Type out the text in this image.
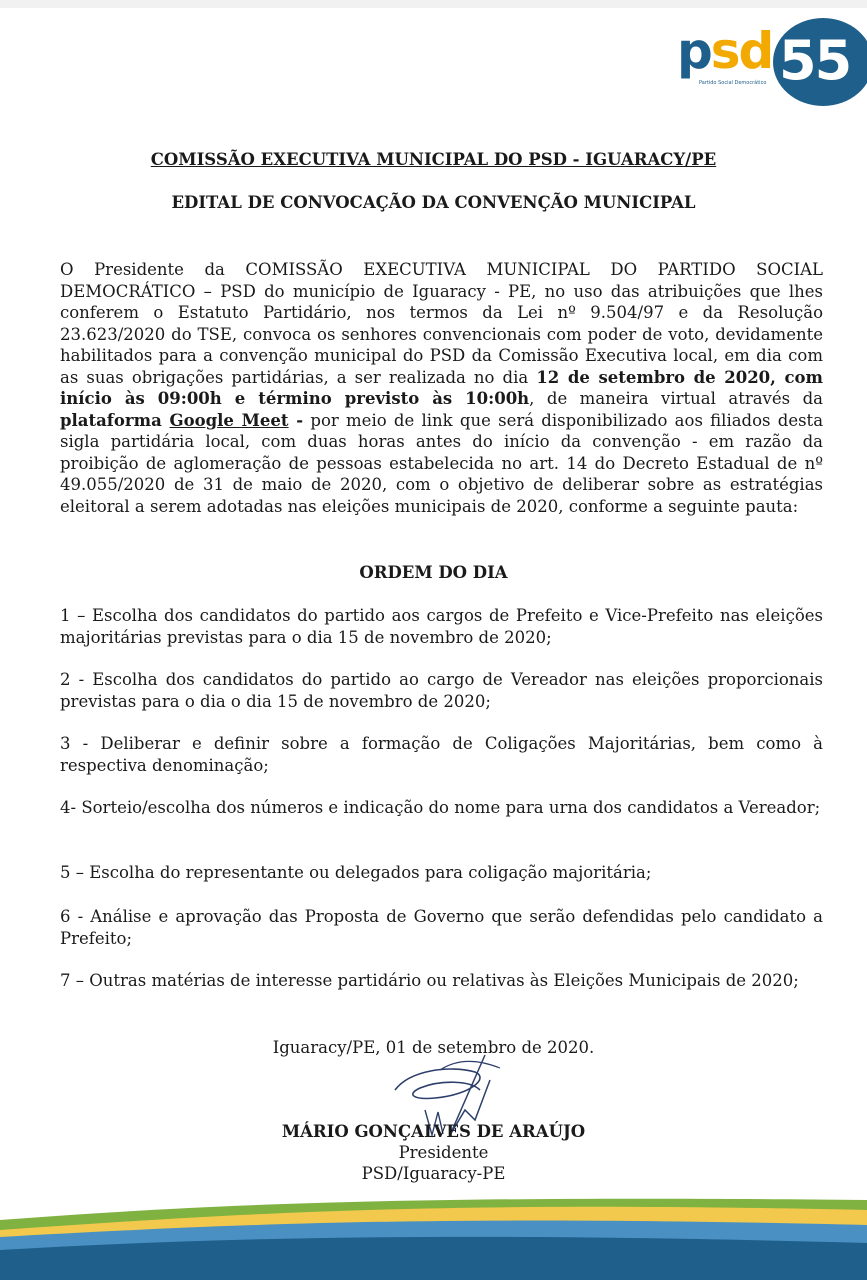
55
psd
Partido Social Democrático
COMISSÃO EXECUTIVA MUNICIPAL DO PSD - IGUARACY/PE
EDITAL DE CONVOCAÇÃO DA CONVENÇÃO MUNICIPAL
O Presidente da COMISSÃO EXECUTIVA MUNICIPAL DO PARTIDO SOCIAL DEMOCRÁTICO – PSD do município de Iguaracy - PE, no uso das atribuições que lhes conferem o Estatuto Partidário, nos termos da Lei nº 9.504/97 e da Resolução 23.623/2020 do TSE, convoca os senhores convencionais com poder de voto, devidamente habilitados para a convenção municipal do PSD da Comissão Executiva local, em dia com as suas obrigações partidárias, a ser realizada no dia 12 de setembro de 2020, com início às 09:00h e término previsto às 10:00h, de maneira virtual através da plataforma Google Meet - por meio de link que será disponibilizado aos filiados desta sigla partidária local, com duas horas antes do início da convenção - em razão da proibição de aglomeração de pessoas estabelecida no art. 14 do Decreto Estadual de nº 49.055/2020 de 31 de maio de 2020, com o objetivo de deliberar sobre as estratégias eleitoral a serem adotadas nas eleições municipais de 2020, conforme a seguinte pauta:
ORDEM DO DIA
1 – Escolha dos candidatos do partido aos cargos de Prefeito e Vice-Prefeito nas eleições majoritárias previstas para o dia 15 de novembro de 2020;
2 - Escolha dos candidatos do partido ao cargo de Vereador nas eleições proporcionais previstas para o dia o dia 15 de novembro de 2020;
3 - Deliberar e definir sobre a formação de Coligações Majoritárias, bem como à respectiva denominação;
4- Sorteio/escolha dos números e indicação do nome para urna dos candidatos a Vereador;
5 – Escolha do representante ou delegados para coligação majoritária;
6 - Análise e aprovação das Proposta de Governo que serão defendidas pelo candidato a Prefeito;
7 – Outras matérias de interesse partidário ou relativas às Eleições Municipais de 2020;
Iguaracy/PE, 01 de setembro de 2020.
MÁRIO GONÇALVES DE ARAÚJO
Presidente
PSD/Iguaracy-PE
